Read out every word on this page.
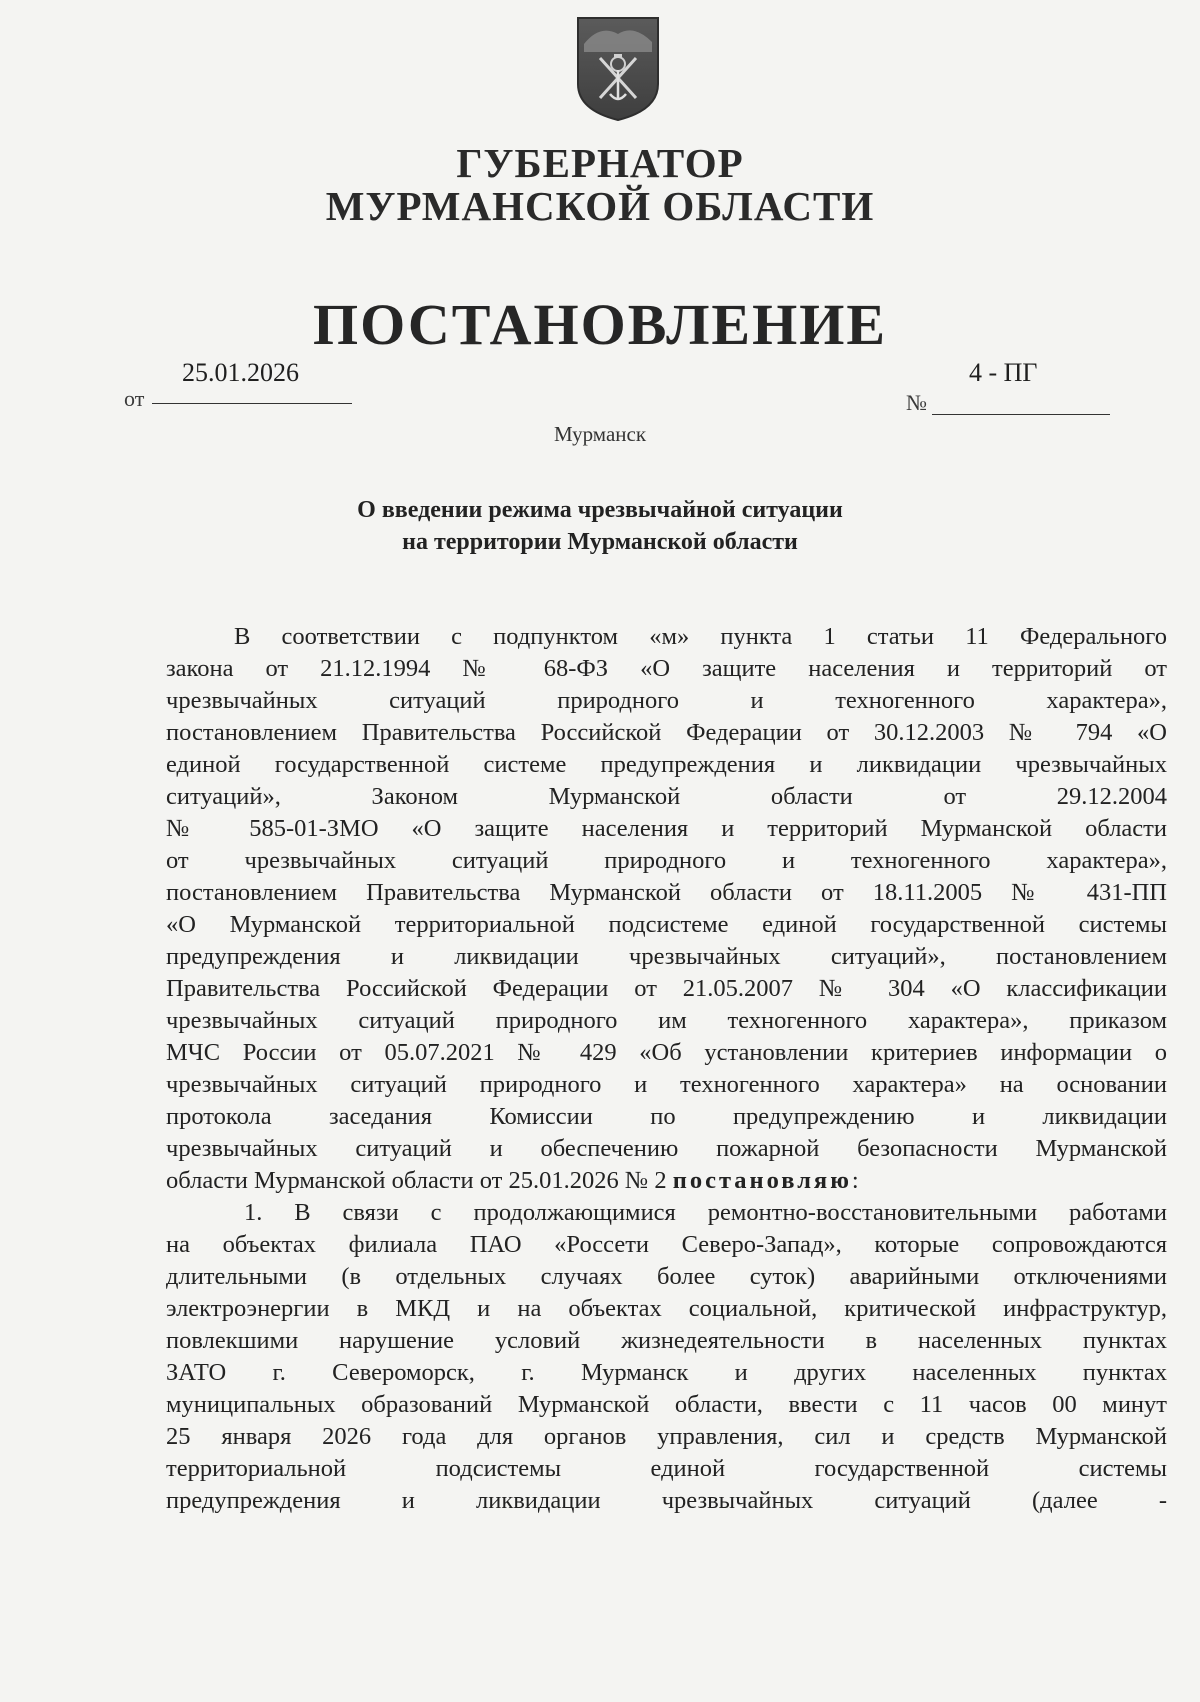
ГУБЕРНАТОР
МУРМАНСКОЙ ОБЛАСТИ
ПОСТАНОВЛЕНИЕ
от
25.01.2026
№
4 - ПГ
Мурманск
О введении режима чрезвычайной ситуации
на территории Мурманской области
В соответствии с подпунктом «м» пункта 1 статьи 11 Федерального
закона от 21.12.1994 № 68-ФЗ «О защите населения и территорий от
чрезвычайных ситуаций природного и техногенного характера»,
постановлением Правительства Российской Федерации от 30.12.2003 № 794 «О
единой государственной системе предупреждения и ликвидации чрезвычайных
ситуаций», Законом Мурманской области от 29.12.2004
№ 585-01-ЗМО «О защите населения и территорий Мурманской области
от чрезвычайных ситуаций природного и техногенного характера»,
постановлением Правительства Мурманской области от 18.11.2005 № 431-ПП
«О Мурманской территориальной подсистеме единой государственной системы
предупреждения и ликвидации чрезвычайных ситуаций», постановлением
Правительства Российской Федерации от 21.05.2007 № 304 «О классификации
чрезвычайных ситуаций природного им техногенного характера», приказом
МЧС России от 05.07.2021 № 429 «Об установлении критериев информации о
чрезвычайных ситуаций природного и техногенного характера» на основании
протокола заседания Комиссии по предупреждению и ликвидации
чрезвычайных ситуаций и обеспечению пожарной безопасности Мурманской
области Мурманской области от 25.01.2026 № 2 постановляю:
1. В связи с продолжающимися ремонтно-восстановительными работами
на объектах филиала ПАО «Россети Северо-Запад», которые сопровождаются
длительными (в отдельных случаях более суток) аварийными отключениями
электроэнергии в МКД и на объектах социальной, критической инфраструктур,
повлекшими нарушение условий жизнедеятельности в населенных пунктах
ЗАТО г. Североморск, г. Мурманск и других населенных пунктах
муниципальных образований Мурманской области, ввести с 11 часов 00 минут
25 января 2026 года для органов управления, сил и средств Мурманской
территориальной подсистемы единой государственной системы
предупреждения и ликвидации чрезвычайных ситуаций (далее -
